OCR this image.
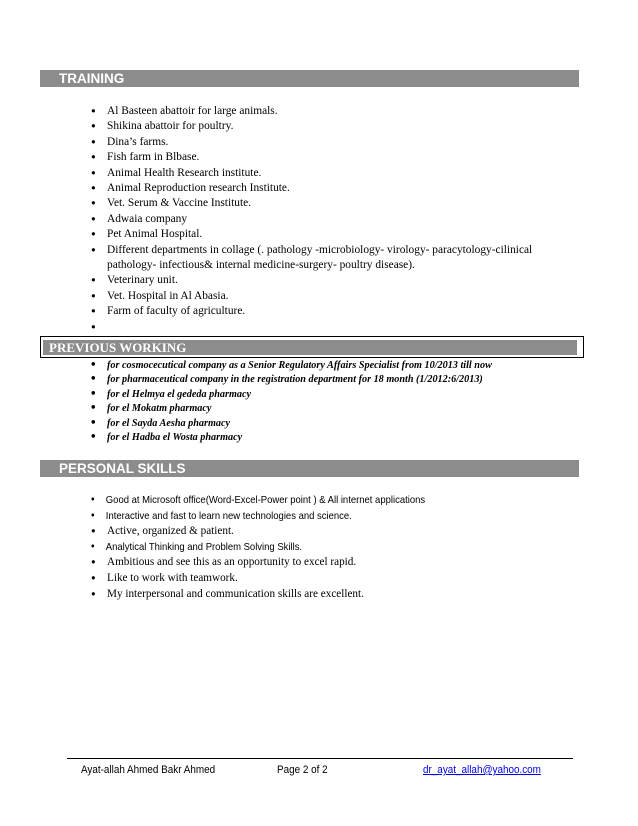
TRAINING
• Al Basteen abattoir for large animals.
• Shikina abattoir for poultry.
• Dina’s farms.
• Fish farm in Blbase.
• Animal Health Research institute.
• Animal Reproduction research Institute.
• Vet. Serum & Vaccine Institute.
• Adwaia company
• Pet Animal Hospital.
• Different departments in collage (. pathology -microbiology- virology- paracytology-cilinical pathology- infectious& internal medicine-surgery- poultry disease).
• Veterinary unit.
• Vet. Hospital in Al Abasia.
• Farm of faculty of agriculture.
•
PREVIOUS WORKING
• for cosmocecutical company as a Senior Regulatory Affairs Specialist from 10/2013 till now
• for pharmaceutical company in the registration department for 18 month (1/2012:6/2013)
• for el Helmya el gededa pharmacy
• for el Mokatm pharmacy
• for el Sayda Aesha pharmacy
• for el Hadba el Wosta pharmacy
PERSONAL SKILLS
• Good at Microsoft office(Word-Excel-Power point ) & All internet applications
• Interactive and fast to learn new technologies and science.
• Active, organized & patient.
• Analytical Thinking and Problem Solving Skills.
• Ambitious and see this as an opportunity to excel rapid.
• Like to work with teamwork.
• My interpersonal and communication skills are excellent.
Ayat-allah Ahmed Bakr Ahmed	Page 2 of 2	dr_ayat_allah@yahoo.com
